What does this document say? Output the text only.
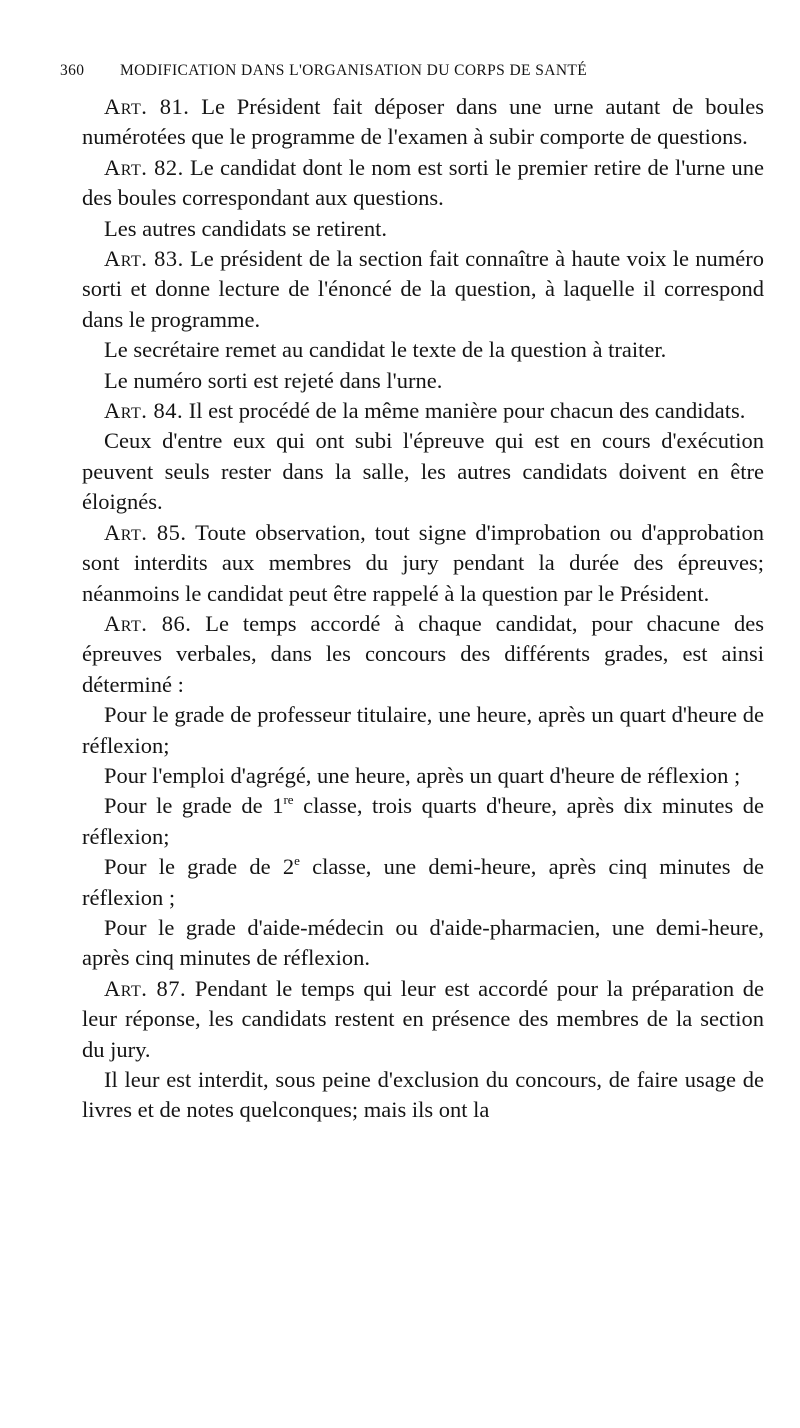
360 MODIFICATION DANS L'ORGANISATION DU CORPS DE SANTÉ

Art. 81. Le Président fait déposer dans une urne autant de boules numérotées que le programme de l'examen à subir comporte de questions.

Art. 82. Le candidat dont le nom est sorti le premier retire de l'urne une des boules correspondant aux questions.

Les autres candidats se retirent.

Art. 83. Le président de la section fait connaître à haute voix le numéro sorti et donne lecture de l'énoncé de la question, à laquelle il correspond dans le programme.

Le secrétaire remet au candidat le texte de la question à traiter.

Le numéro sorti est rejeté dans l'urne.

Art. 84. Il est procédé de la même manière pour chacun des candidats.

Ceux d'entre eux qui ont subi l'épreuve qui est en cours d'exécution peuvent seuls rester dans la salle, les autres candidats doivent en être éloignés.

Art. 85. Toute observation, tout signe d'improbation ou d'approbation sont interdits aux membres du jury pendant la durée des épreuves; néanmoins le candidat peut être rappelé à la question par le Président.

Art. 86. Le temps accordé à chaque candidat, pour chacune des épreuves verbales, dans les concours des différents grades, est ainsi déterminé :

Pour le grade de professeur titulaire, une heure, après un quart d'heure de réflexion;

Pour l'emploi d'agrégé, une heure, après un quart d'heure de réflexion ;

Pour le grade de 1re classe, trois quarts d'heure, après dix minutes de réflexion;

Pour le grade de 2e classe, une demi-heure, après cinq minutes de réflexion ;

Pour le grade d'aide-médecin ou d'aide-pharmacien, une demi-heure, après cinq minutes de réflexion.

Art. 87. Pendant le temps qui leur est accordé pour la préparation de leur réponse, les candidats restent en présence des membres de la section du jury.

Il leur est interdit, sous peine d'exclusion du concours, de faire usage de livres et de notes quelconques; mais ils ont la
